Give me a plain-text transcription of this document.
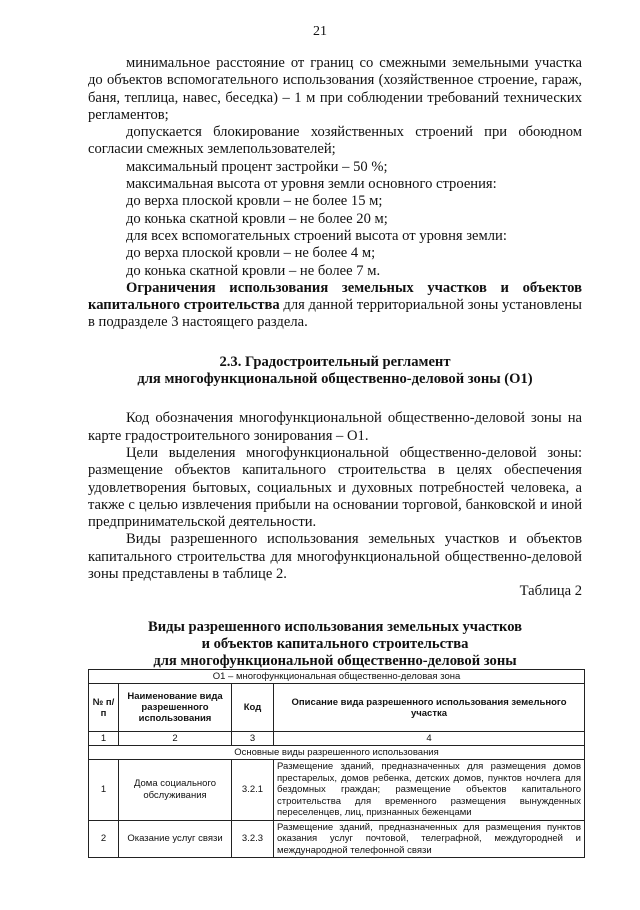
21

минимальное расстояние от границ со смежными земельными участка до объектов вспомогательного использования (хозяйственное строение, гараж, баня, теплица, навес, беседка) – 1 м при соблюдении требований технических регламентов;

допускается блокирование хозяйственных строений при обоюдном согласии смежных землепользователей;

максимальный процент застройки – 50 %;

максимальная высота от уровня земли основного строения:

до верха плоской кровли – не более 15 м;

до конька скатной кровли – не более 20 м;

для всех вспомогательных строений высота от уровня земли:

до верха плоской кровли – не более 4 м;

до конька скатной кровли – не более 7 м.

Ограничения использования земельных участков и объектов капитального строительства для данной территориальной зоны установлены в подразделе 3 настоящего раздела.

2.3. Градостроительный регламент

для многофункциональной общественно-деловой зоны (О1)

Код обозначения многофункциональной общественно-деловой зоны на карте градостроительного зонирования – О1.

Цели выделения многофункциональной общественно-деловой зоны: размещение объектов капитального строительства в целях обеспечения удовлетворения бытовых, социальных и духовных потребностей человека, а также с целью извлечения прибыли на основании торговой, банковской и иной предпринимательской деятельности.

Виды разрешенного использования земельных участков и объектов капитального строительства для многофункциональной общественно-деловой зоны представлены в таблице 2.

Таблица 2

Виды разрешенного использования земельных участков

и объектов капитального строительства

для многофункциональной общественно-деловой зоны

О1 – многофункциональная общественно-деловая зона			
№ п/п	Наименование вида разрешенного использования	Код	Описание вида разрешенного использования земельного участка
1	2	3	4
Основные виды разрешенного использования			
1	Дома социального обслуживания	3.2.1	Размещение зданий, предназначенных для размещения домов престарелых, домов ребенка, детских домов, пунктов ночлега для бездомных граждан; размещение объектов капитального строительства для временного размещения вынужденных переселенцев, лиц, признанных беженцами
2	Оказание услуг связи	3.2.3	Размещение зданий, предназначенных для размещения пунктов оказания услуг почтовой, телеграфной, междугородней и международной телефонной связи
